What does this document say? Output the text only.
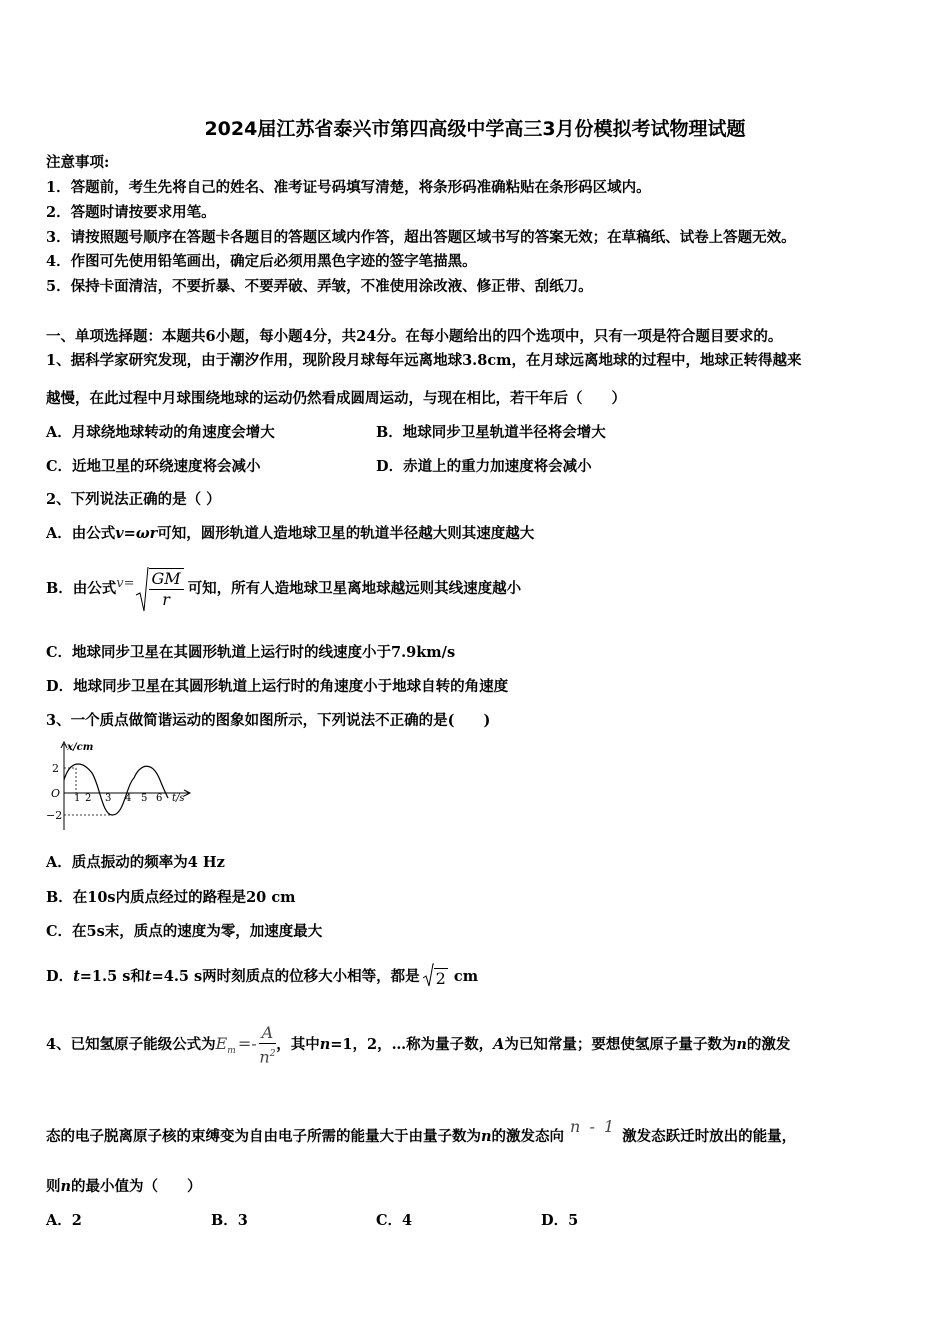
2024届江苏省泰兴市第四高级中学高三3月份模拟考试物理试题
注意事项:
1．答题前，考生先将自己的姓名、准考证号码填写清楚，将条形码准确粘贴在条形码区域内。
2．答题时请按要求用笔。
3．请按照题号顺序在答题卡各题目的答题区域内作答，超出答题区域书写的答案无效；在草稿纸、试卷上答题无效。
4．作图可先使用铅笔画出，确定后必须用黑色字迹的签字笔描黑。
5．保持卡面清洁，不要折暴、不要弄破、弄皱，不准使用涂改液、修正带、刮纸刀。
一、单项选择题：本题共6小题，每小题4分，共24分。在每小题给出的四个选项中，只有一项是符合题目要求的。
1、据科学家研究发现，由于潮汐作用，现阶段月球每年远离地球3.8cm，在月球远离地球的过程中，地球正转得越来
越慢，在此过程中月球围绕地球的运动仍然看成圆周运动，与现在相比，若干年后（　　）
A．月球绕地球转动的角速度会增大	B．地球同步卫星轨道半径将会增大
C．近地卫星的环绕速度将会减小	D．赤道上的重力加速度将会减小
2、下列说法正确的是（ ）
A．由公式v=ωr可知，圆形轨道人造地球卫星的轨道半径越大则其速度越大
B．由公式$v= \frac{GM}{r}$ 可知，所有人造地球卫星离地球越远则其线速度越小
C．地球同步卫星在其圆形轨道上运行时的线速度小于7.9km/s
D．地球同步卫星在其圆形轨道上运行时的角速度小于地球自转的角速度
3、一个质点做简谐运动的图象如图所示，下列说法不正确的是(　　)
x/cm
2
O
−2
1 2 3 4 5 6 t/s
A．质点振动的频率为4 Hz
B．在10s内质点经过的路程是20 cm
C．在5s末，质点的速度为零，加速度最大
D．t=1.5 s和t=4.5 s两时刻质点的位移大小相等，都是 2 cm
4、已知氢原子能级公式为$E_m =- \frac{A}{n^2}$ ，其中n=1，2，…称为量子数，A为已知常量；要想使氢原子量子数为n的激发
态的电子脱离原子核的束缚变为自由电子所需的能量大于由量子数为n的激发态向n - 1激发态跃迁时放出的能量，
则n的最小值为（　　）
A．2	B．3	C．4	D．5
